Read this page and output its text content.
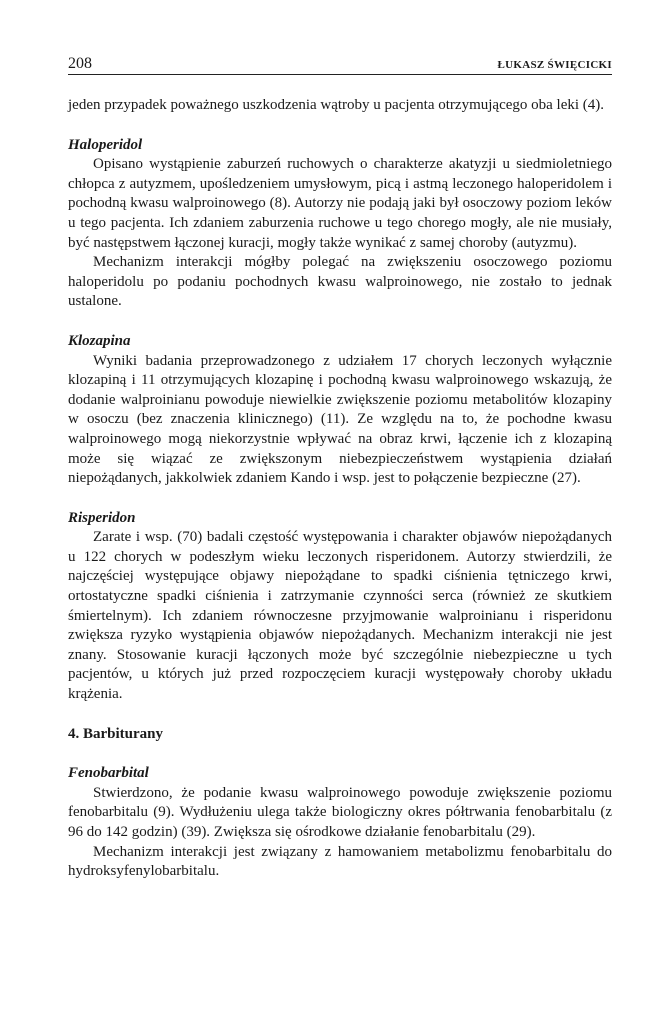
208	ŁUKASZ ŚWIĘCICKI

jeden przypadek poważnego uszkodzenia wątroby u pacjenta otrzymującego oba leki (4).

Haloperidol

Opisano wystąpienie zaburzeń ruchowych o charakterze akatyzji u siedmioletniego chłopca z autyzmem, upośledzeniem umysłowym, picą i astmą leczonego haloperidolem i pochodną kwasu walproinowego (8). Autorzy nie podają jaki był osoczowy poziom leków u tego pacjenta. Ich zdaniem zaburzenia ruchowe u tego chorego mogły, ale nie musiały, być następstwem łączonej kuracji, mogły także wynikać z samej choroby (autyzmu).

Mechanizm interakcji mógłby polegać na zwiększeniu osoczowego poziomu haloperidolu po podaniu pochodnych kwasu walproinowego, nie zostało to jednak ustalone.

Klozapina

Wyniki badania przeprowadzonego z udziałem 17 chorych leczonych wyłącznie klozapiną i 11 otrzymujących klozapinę i pochodną kwasu walproinowego wskazują, że dodanie walproinianu powoduje niewielkie zwiększenie poziomu metabolitów klozapiny w osoczu (bez znaczenia klinicznego) (11). Ze względu na to, że pochodne kwasu walproinowego mogą niekorzystnie wpływać na obraz krwi, łączenie ich z klozapiną może się wiązać ze zwiększonym niebezpieczeństwem wystąpienia działań niepożądanych, jakkolwiek zdaniem Kando i wsp. jest to połączenie bezpieczne (27).

Risperidon

Zarate i wsp. (70) badali częstość występowania i charakter objawów niepożądanych u 122 chorych w podeszłym wieku leczonych risperidonem. Autorzy stwierdzili, że najczęściej występujące objawy niepożądane to spadki ciśnienia tętniczego krwi, ortostatyczne spadki ciśnienia i zatrzymanie czynności serca (również ze skutkiem śmiertelnym). Ich zdaniem równoczesne przyjmowanie walproinianu i risperidonu zwiększa ryzyko wystąpienia objawów niepożądanych. Mechanizm interakcji nie jest znany. Stosowanie kuracji łączonych może być szczególnie niebezpieczne u tych pacjentów, u których już przed rozpoczęciem kuracji występowały choroby układu krążenia.

4. Barbiturany

Fenobarbital

Stwierdzono, że podanie kwasu walproinowego powoduje zwiększenie poziomu fenobarbitalu (9). Wydłużeniu ulega także biologiczny okres półtrwania fenobarbitalu (z 96 do 142 godzin) (39). Zwiększa się ośrodkowe działanie fenobarbitalu (29).

Mechanizm interakcji jest związany z hamowaniem metabolizmu fenobarbitalu do hydroksyfenylobarbitalu.
